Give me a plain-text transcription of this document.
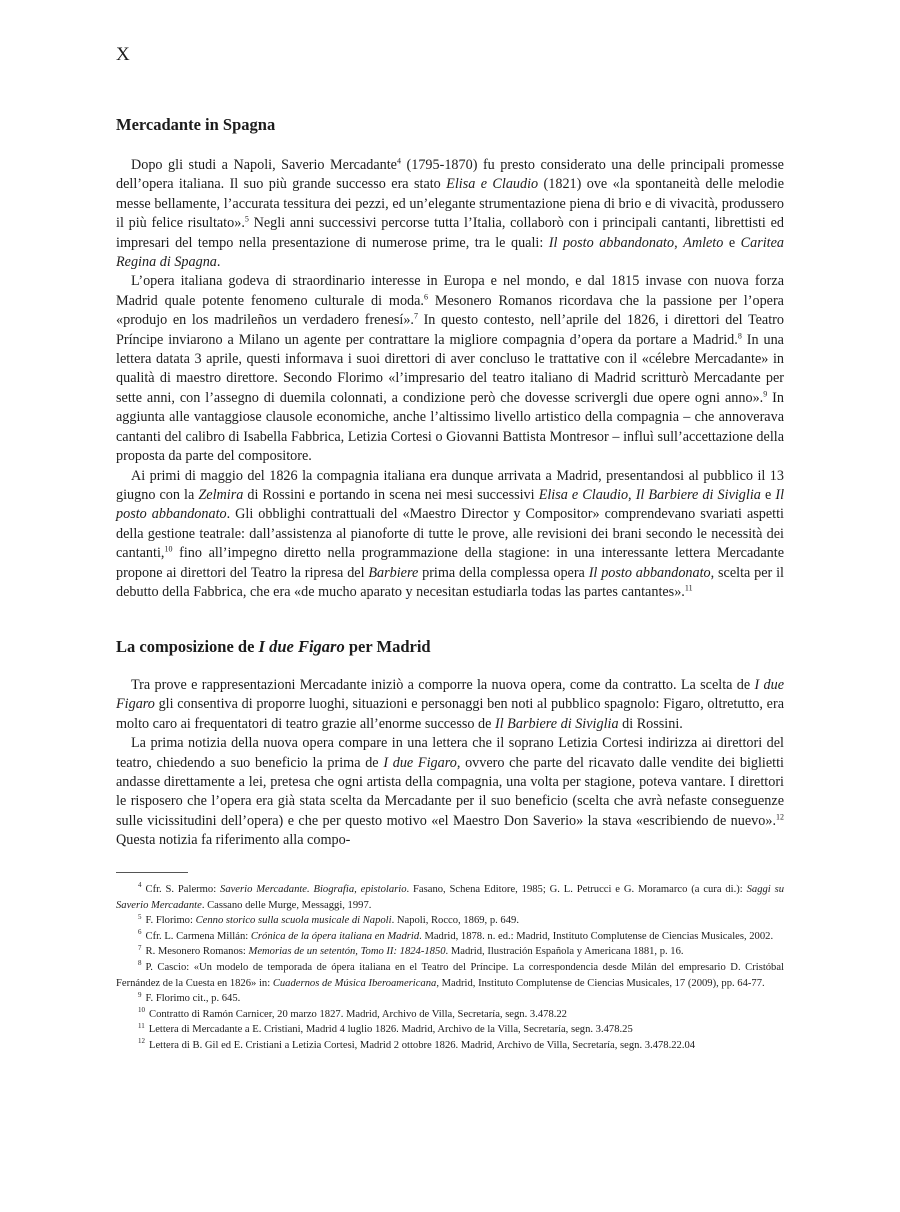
X
Mercadante in Spagna

Dopo gli studi a Napoli, Saverio Mercadante$^4$ (1795-1870) fu presto considerato una delle principali promesse dell’opera italiana. Il suo più grande successo era stato Elisa e Claudio (1821) ove «la spontaneità delle melodie messe bellamente, l’accurata tessitura dei pezzi, ed un’elegante strumentazione piena di brio e di vivacità, produssero il più felice risultato».$^5$ Negli anni successivi percorse tutta l’Italia, collaborò con i principali cantanti, librettisti ed impresari del tempo nella presentazione di numerose prime, tra le quali: Il posto abbandonato, Amleto e Caritea Regina di Spagna.

L’opera italiana godeva di straordinario interesse in Europa e nel mondo, e dal 1815 invase con nuova forza Madrid quale potente fenomeno culturale di moda.$^6$ Mesonero Romanos ricordava che la passione per l’opera «produjo en los madrileños un verdadero frenesí».$^7$ In questo contesto, nell’aprile del 1826, i direttori del Teatro Príncipe inviarono a Milano un agente per contrattare la migliore compagnia d’opera da portare a Madrid.$^8$ In una lettera datata 3 aprile, questi informava i suoi direttori di aver concluso le trattative con il «célebre Mercadante» in qualità di maestro direttore. Secondo Florimo «l’impresario del teatro italiano di Madrid scritturò Mercadante per sette anni, con l’assegno di duemila colonnati, a condizione però che dovesse scrivergli due opere ogni anno».$^9$ In aggiunta alle vantaggiose clausole economiche, anche l’altissimo livello artistico della compagnia – che annoverava cantanti del calibro di Isabella Fabbrica, Letizia Cortesi o Giovanni Battista Montresor – influì sull’accettazione della proposta da parte del compositore.

Ai primi di maggio del 1826 la compagnia italiana era dunque arrivata a Madrid, presentandosi al pubblico il 13 giugno con la Zelmira di Rossini e portando in scena nei mesi successivi Elisa e Claudio, Il Barbiere di Siviglia e Il posto abbandonato. Gli obblighi contrattuali del «Maestro Director y Compositor» comprendevano svariati aspetti della gestione teatrale: dall’assistenza al pianoforte di tutte le prove, alle revisioni dei brani secondo le necessità dei cantanti,$^{10}$ fino all’impegno diretto nella programmazione della stagione: in una interessante lettera Mercadante propone ai direttori del Teatro la ripresa del Barbiere prima della complessa opera Il posto abbandonato, scelta per il debutto della Fabbrica, che era «de mucho aparato y necesitan estudiarla todas las partes cantantes».$^{11}$

La composizione de I due Figaro per Madrid

Tra prove e rappresentazioni Mercadante iniziò a comporre la nuova opera, come da contratto. La scelta de I due Figaro gli consentiva di proporre luoghi, situazioni e personaggi ben noti al pubblico spagnolo: Figaro, oltretutto, era molto caro ai frequentatori di teatro grazie all’enorme successo de Il Barbiere di Siviglia di Rossini.

La prima notizia della nuova opera compare in una lettera che il soprano Letizia Cortesi indirizza ai direttori del teatro, chiedendo a suo beneficio la prima de I due Figaro, ovvero che parte del ricavato dalle vendite dei biglietti andasse direttamente a lei, pretesa che ogni artista della compagnia, una volta per stagione, poteva vantare. I direttori le risposero che l’opera era già stata scelta da Mercadante per il suo beneficio (scelta che avrà nefaste conseguenze sulle vicissitudini dell’opera) e che per questo motivo «el Maestro Don Saverio» la stava «escribiendo de nuevo».$^{12}$ Questa notizia fa riferimento alla compo-

$^4$ Cfr. S. Palermo: Saverio Mercadante. Biografia, epistolario. Fasano, Schena Editore, 1985; G. L. Petrucci e G. Moramarco (a cura di.): Saggi su Saverio Mercadante. Cassano delle Murge, Messaggi, 1997.

$^5$ F. Florimo: Cenno storico sulla scuola musicale di Napoli. Napoli, Rocco, 1869, p. 649.

$^6$ Cfr. L. Carmena Millán: Crónica de la ópera italiana en Madrid. Madrid, 1878. n. ed.: Madrid, Instituto Complutense de Ciencias Musicales, 2002.

$^7$ R. Mesonero Romanos: Memorias de un setentón, Tomo II: 1824-1850. Madrid, Ilustración Española y Americana 1881, p. 16.

$^8$ P. Cascio: «Un modelo de temporada de ópera italiana en el Teatro del Príncipe. La correspondencia desde Milán del empresario D. Cristóbal Fernández de la Cuesta en 1826» in: Cuadernos de Música Iberoamericana, Madrid, Instituto Complutense de Ciencias Musicales, 17 (2009), pp. 64-77.

$^9$ F. Florimo cit., p. 645.

$^{10}$ Contratto di Ramón Carnicer, 20 marzo 1827. Madrid, Archivo de Villa, Secretaría, segn. 3.478.22

$^{11}$ Lettera di Mercadante a E. Cristiani, Madrid 4 luglio 1826. Madrid, Archivo de la Villa, Secretaría, segn. 3.478.25

$^{12}$ Lettera di B. Gil ed E. Cristiani a Letizia Cortesi, Madrid 2 ottobre 1826. Madrid, Archivo de Villa, Secretaría, segn. 3.478.22.04
